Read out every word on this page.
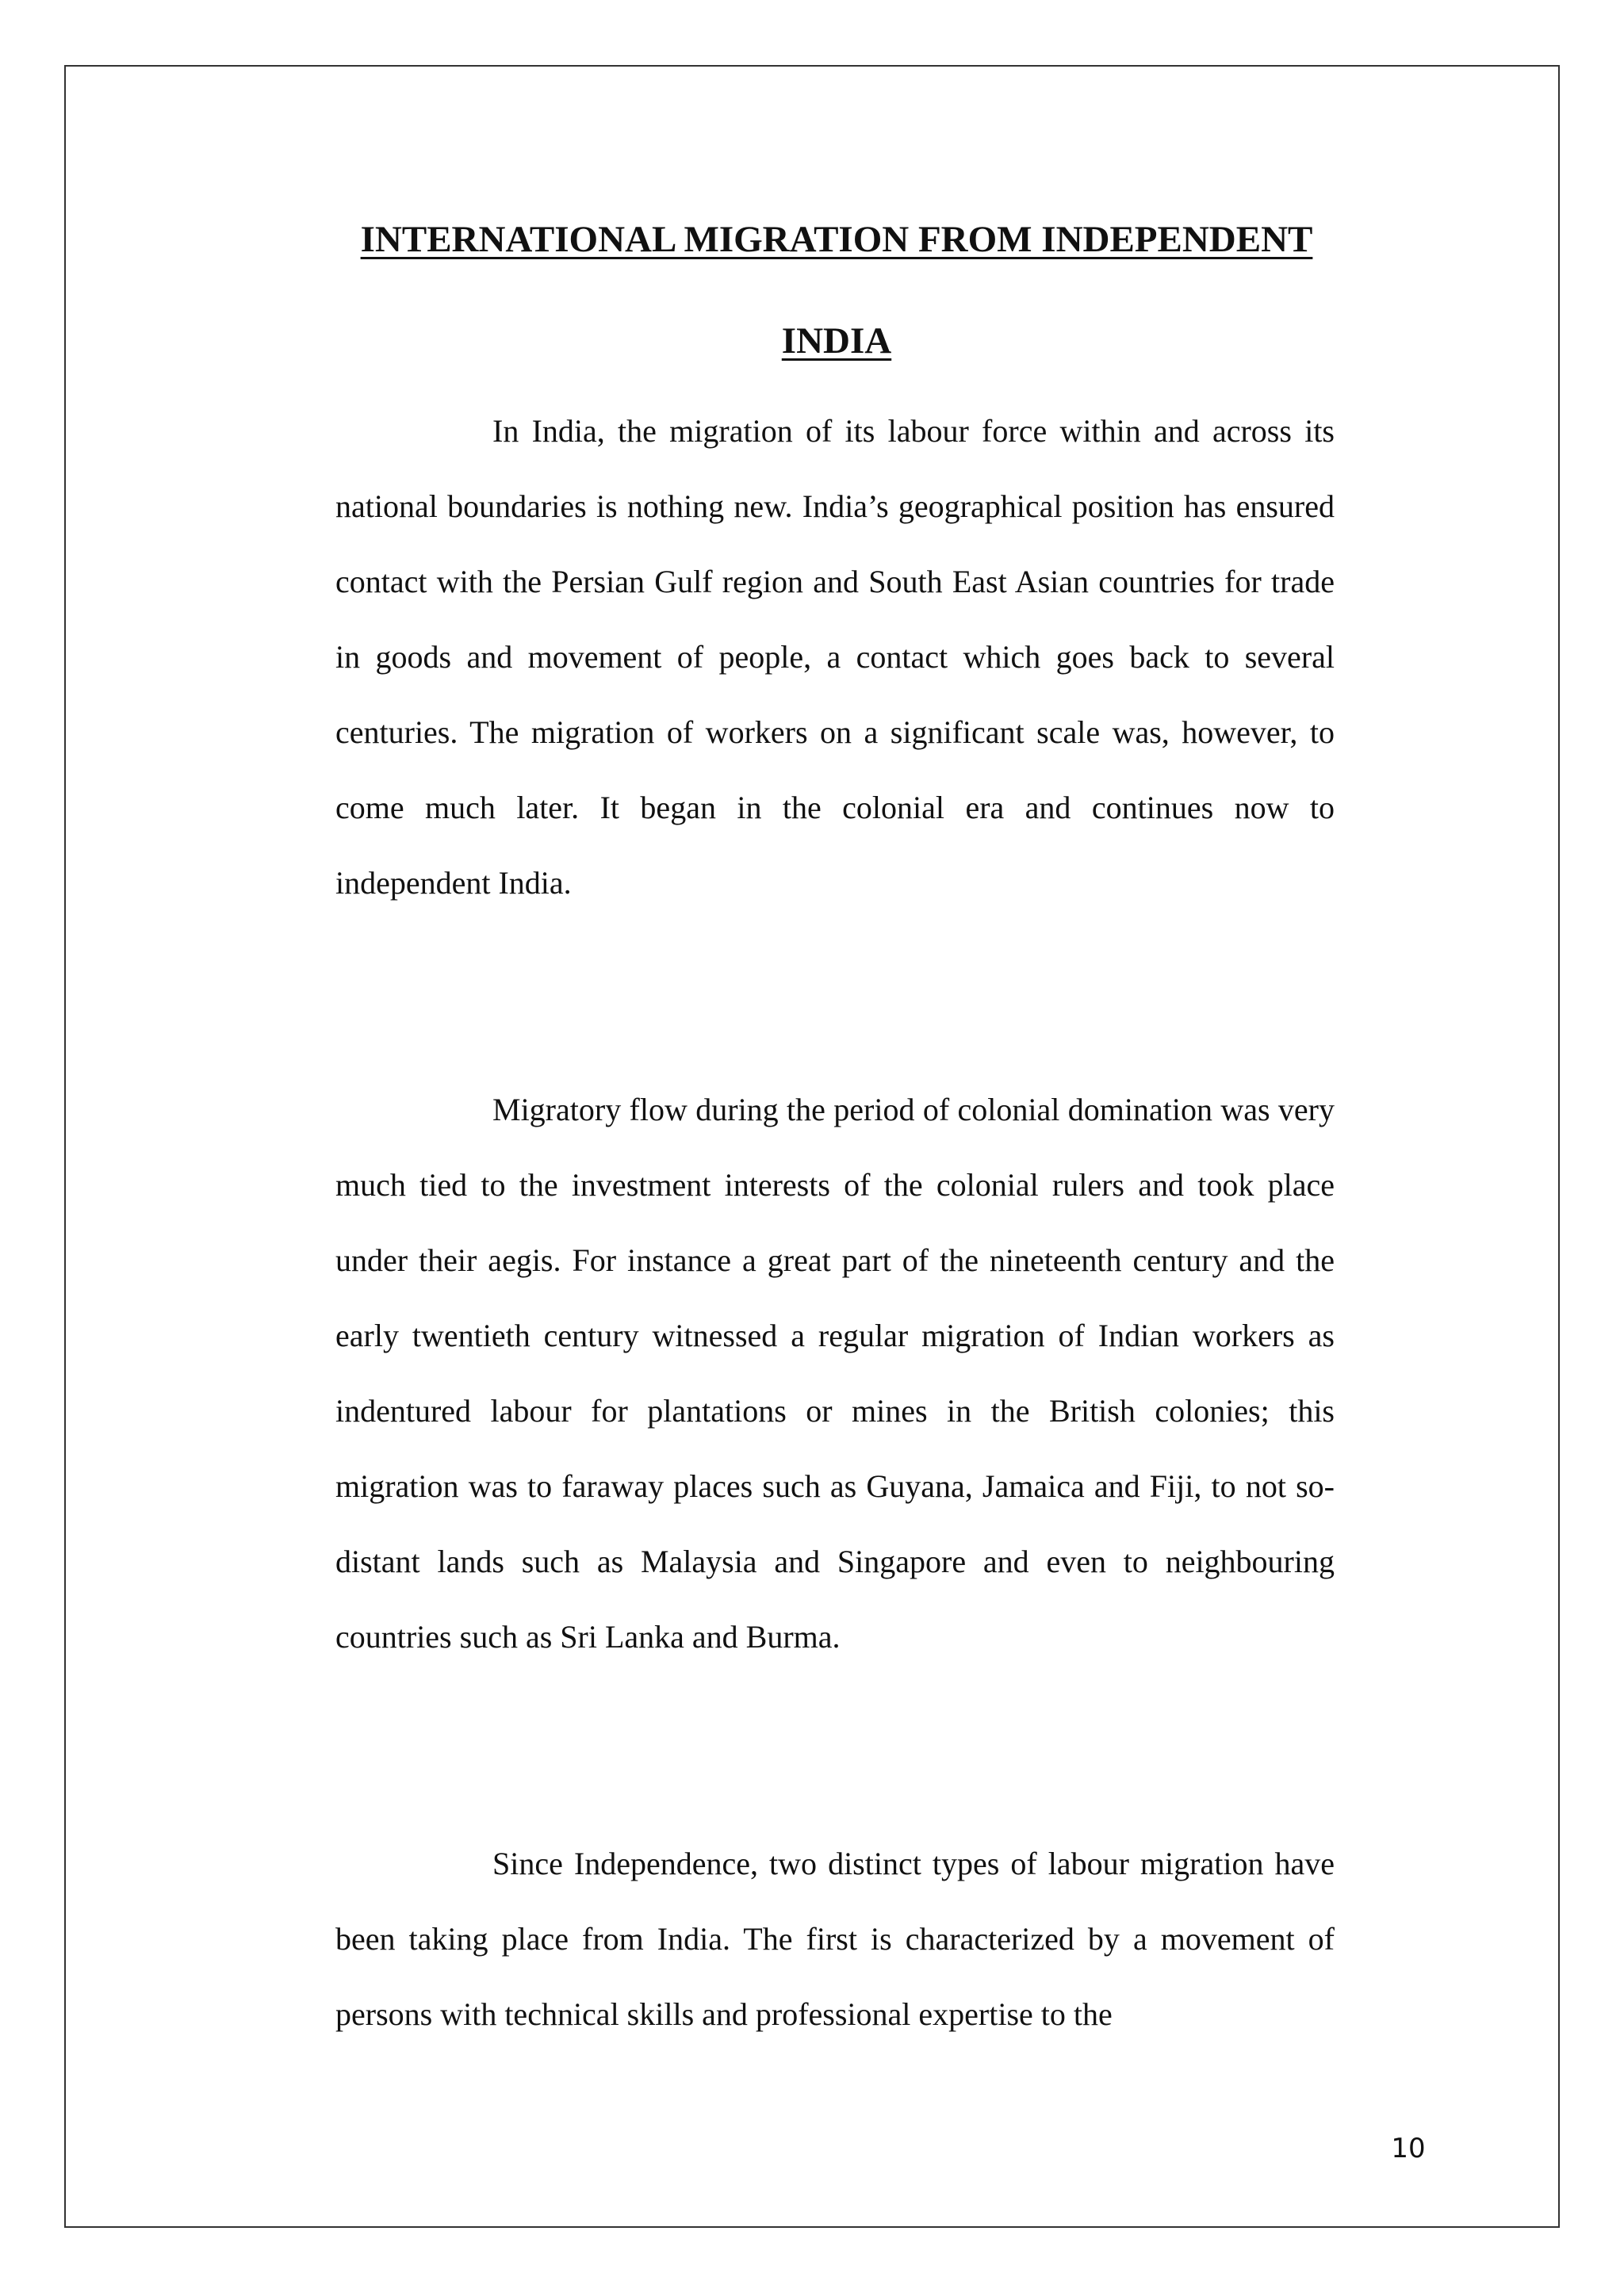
INTERNATIONAL MIGRATION FROM INDEPENDENT INDIA

In India, the migration of its labour force within and across its national boundaries is nothing new. India’s geographical position has ensured contact with the Persian Gulf region and South East Asian countries for trade in goods and movement of people, a contact which goes back to several centuries. The migration of workers on a significant scale was, however, to come much later. It began in the colonial era and continues now to independent India.

Migratory flow during the period of colonial domination was very much tied to the investment interests of the colonial rulers and took place under their aegis. For instance a great part of the nineteenth century and the early twentieth century witnessed a regular migration of Indian workers as indentured labour for plantations or mines in the British colonies; this migration was to faraway places such as Guyana, Jamaica and Fiji, to not so-distant lands such as Malaysia and Singapore and even to neighbouring countries such as Sri Lanka and Burma.

Since Independence, two distinct types of labour migration have been taking place from India. The first is characterized by a movement of persons with technical skills and professional expertise to the

10
